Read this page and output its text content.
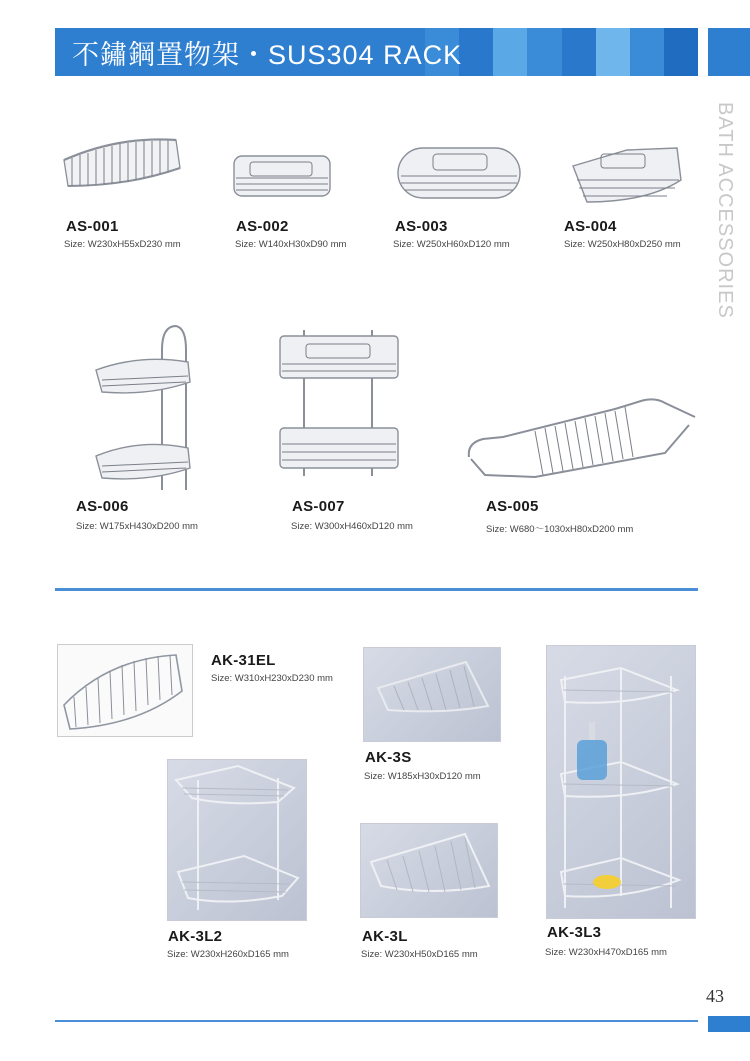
不鏽鋼置物架・SUS304 RACK
BATH ACCESSORIES
AS-001
Size: W230xH55xD230 mm
AS-002
Size: W140xH30xD90 mm
AS-003
Size: W250xH60xD120 mm
AS-004
Size: W250xH80xD250 mm
AS-006
Size: W175xH430xD200 mm
AS-007
Size: W300xH460xD120 mm
AS-005
Size: W680～1030xH80xD200 mm
AK-31EL
Size: W310xH230xD230 mm
AK-3S
Size: W185xH30xD120 mm
AK-3L2
Size: W230xH260xD165 mm
AK-3L
Size: W230xH50xD165 mm
AK-3L3
Size: W230xH470xD165 mm
43
